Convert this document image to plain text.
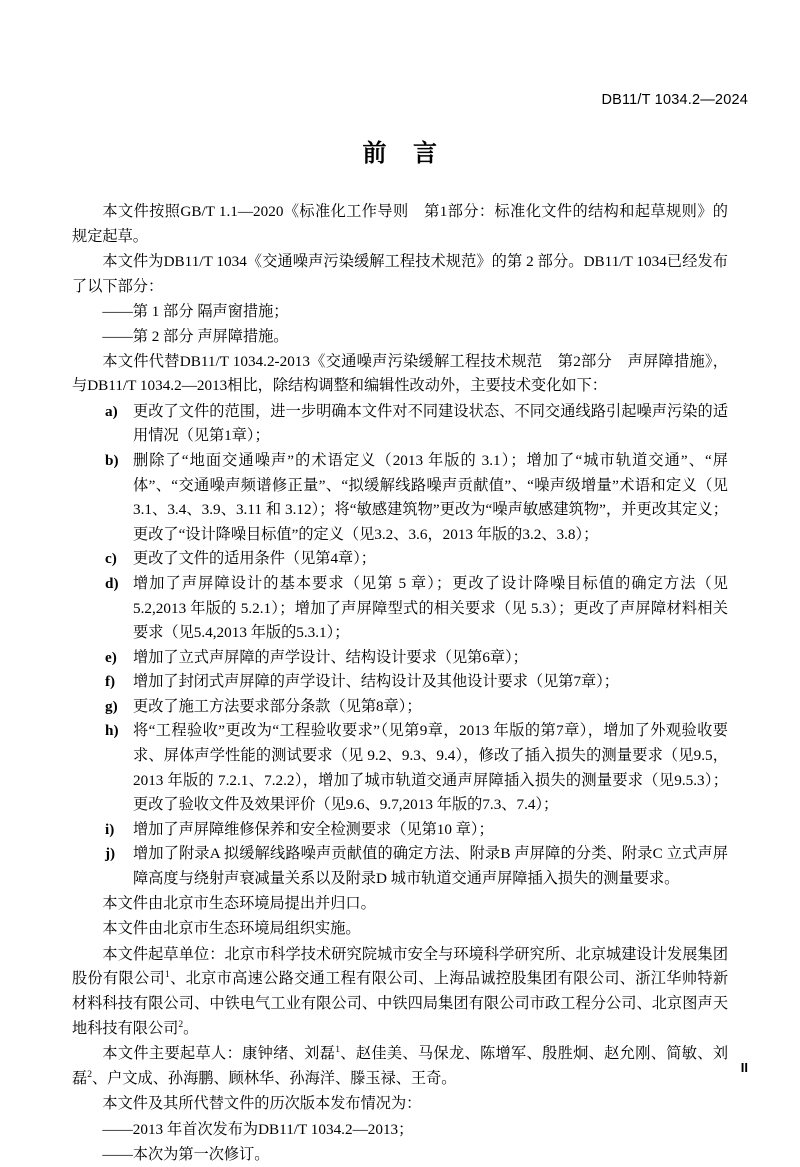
DB11/T 1034.2—2024
前 言

本文件按照GB/T 1.1—2020《标准化工作导则　第1部分：标准化文件的结构和起草规则》的规定起草。

本文件为DB11/T 1034《交通噪声污染缓解工程技术规范》的第 2 部分。DB11/T 1034已经发布了以下部分：

——第 1 部分 隔声窗措施；

——第 2 部分 声屏障措施。

本文件代替DB11/T 1034.2-2013《交通噪声污染缓解工程技术规范　第2部分　声屏障措施》，与DB11/T 1034.2—2013相比，除结构调整和编辑性改动外，主要技术变化如下：

a) 更改了文件的范围，进一步明确本文件对不同建设状态、不同交通线路引起噪声污染的适用情况（见第1章）；
b) 删除了“地面交通噪声”的术语定义（2013 年版的 3.1）；增加了“城市轨道交通”、“屏体”、“交通噪声频谱修正量”、“拟缓解线路噪声贡献值”、“噪声级增量”术语和定义（见 3.1、3.4、3.9、3.11 和 3.12）；将“敏感建筑物”更改为“噪声敏感建筑物”，并更改其定义；更改了“设计降噪目标值”的定义（见3.2、3.6，2013 年版的3.2、3.8）；
c) 更改了文件的适用条件（见第4章）；
d) 增加了声屏障设计的基本要求（见第 5 章）；更改了设计降噪目标值的确定方法（见5.2,2013 年版的 5.2.1）；增加了声屏障型式的相关要求（见 5.3）；更改了声屏障材料相关要求（见5.4,2013 年版的5.3.1）；
e) 增加了立式声屏障的声学设计、结构设计要求（见第6章）；
f) 增加了封闭式声屏障的声学设计、结构设计及其他设计要求（见第7章）；
g) 更改了施工方法要求部分条款（见第8章）；
h) 将“工程验收”更改为“工程验收要求”（见第9章，2013 年版的第7章），增加了外观验收要求、屏体声学性能的测试要求（见 9.2、9.3、9.4），修改了插入损失的测量要求（见9.5，2013 年版的 7.2.1、7.2.2），增加了城市轨道交通声屏障插入损失的测量要求（见9.5.3）；更改了验收文件及效果评价（见9.6、9.7,2013 年版的7.3、7.4）；
i) 增加了声屏障维修保养和安全检测要求（见第10 章）；
j) 增加了附录A 拟缓解线路噪声贡献值的确定方法、附录B 声屏障的分类、附录C 立式声屏障高度与绕射声衰减量关系以及附录D 城市轨道交通声屏障插入损失的测量要求。

本文件由北京市生态环境局提出并归口。

本文件由北京市生态环境局组织实施。

本文件起草单位：北京市科学技术研究院城市安全与环境科学研究所、北京城建设计发展集团股份有限公司$^1$、北京市高速公路交通工程有限公司、上海品诚控股集团有限公司、浙江华帅特新材料科技有限公司、中铁电气工业有限公司、中铁四局集团有限公司市政工程分公司、北京图声天地科技有限公司$^2$。

本文件主要起草人：康钟绪、刘磊$^1$、赵佳美、马保龙、陈增军、殷胜炯、赵允刚、简敏、刘磊$^2$、户文成、孙海鹏、顾林华、孙海洋、滕玉禄、王奇。

本文件及其所代替文件的历次版本发布情况为：

——2013 年首次发布为DB11/T 1034.2—2013；

——本次为第一次修订。

II
